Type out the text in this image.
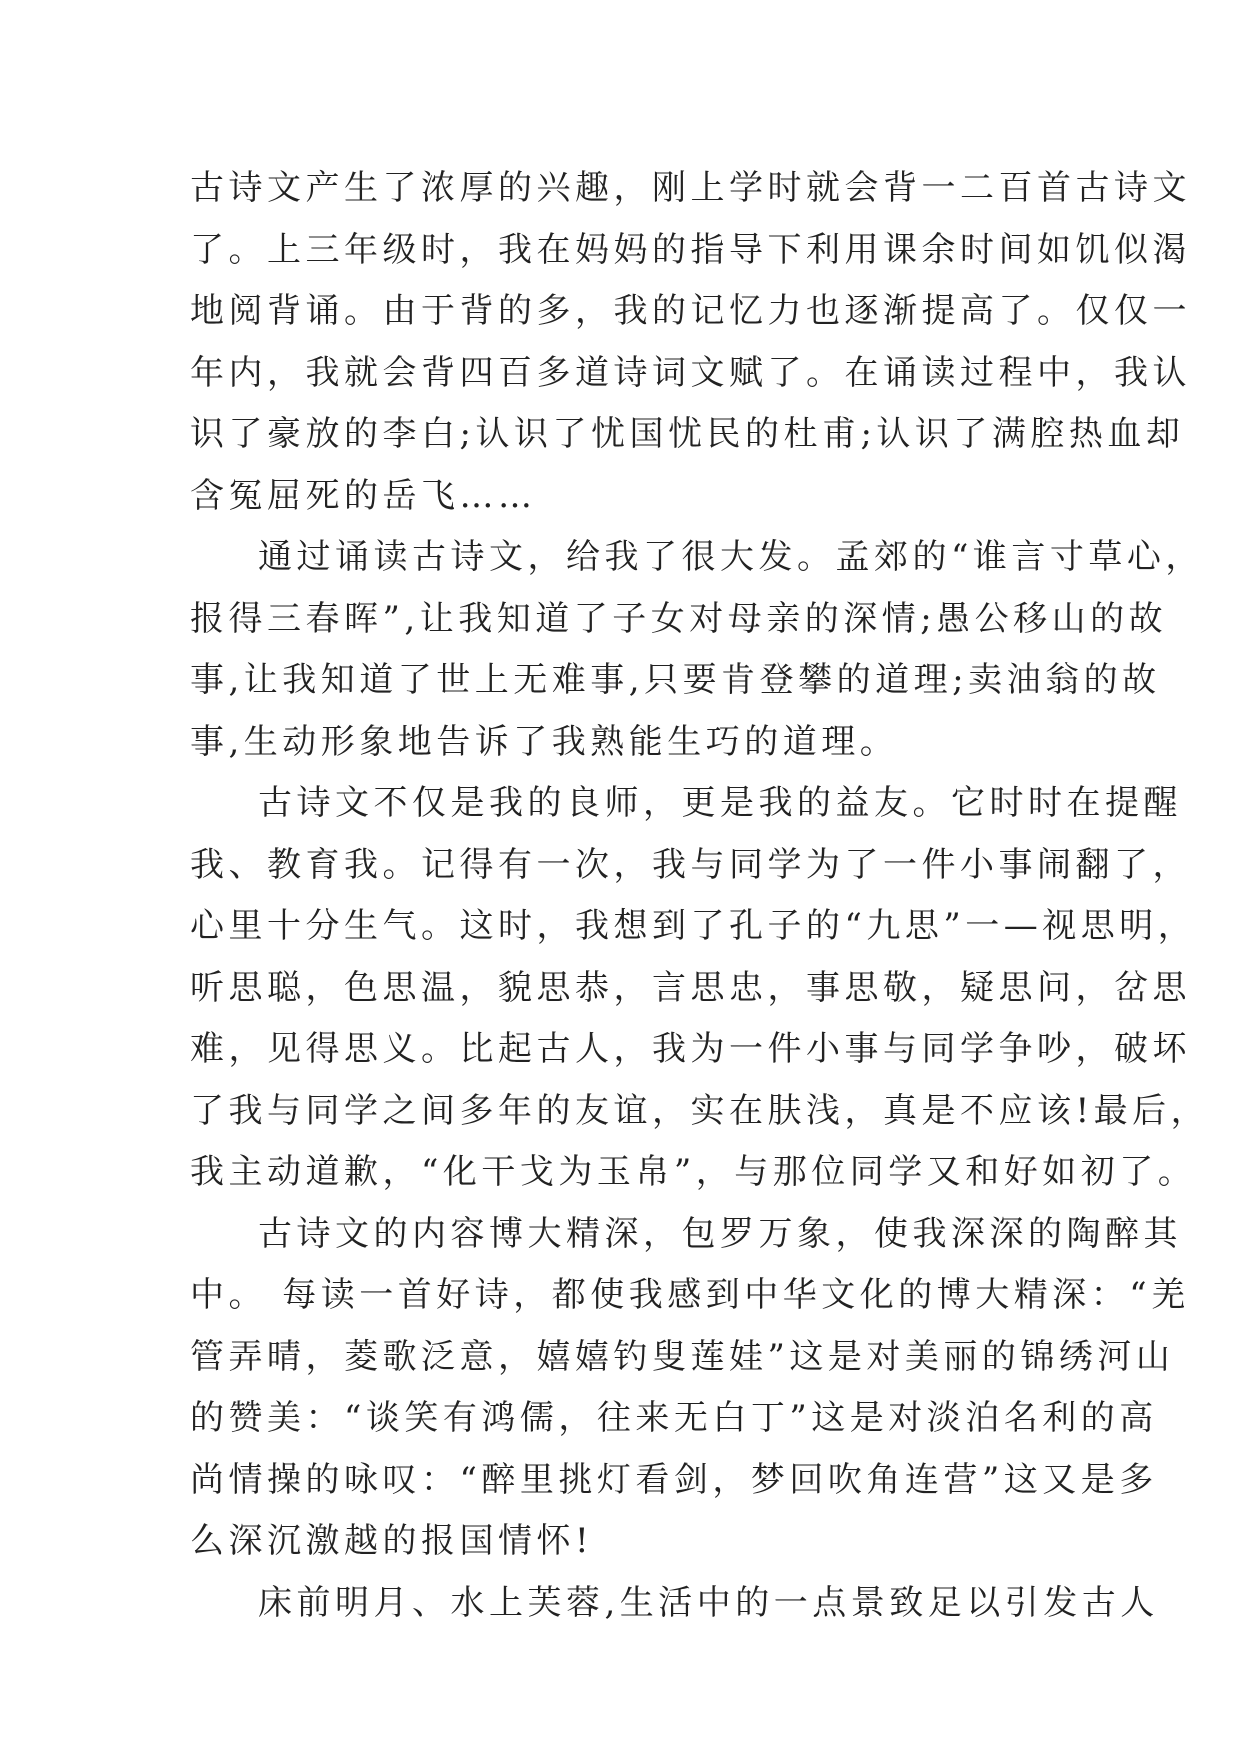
古诗文产生了浓厚的兴趣，刚上学时就会背一二百首古诗文
了。上三年级时，我在妈妈的指导下利用课余时间如饥似渴
地阅背诵。由于背的多，我的记忆力也逐渐提高了。仅仅一
年内，我就会背四百多道诗词文赋了。在诵读过程中，我认
识了豪放的李白;认识了忧国忧民的杜甫;认识了满腔热血却
含冤屈死的岳飞……
通过诵读古诗文，给我了很大发。孟郊的“谁言寸草心，
报得三春晖”,让我知道了子女对母亲的深情;愚公移山的故
事,让我知道了世上无难事,只要肯登攀的道理;卖油翁的故
事,生动形象地告诉了我熟能生巧的道理。
古诗文不仅是我的良师，更是我的益友。它时时在提醒
我、教育我。记得有一次，我与同学为了一件小事闹翻了，
心里十分生气。这时，我想到了孔子的“九思”一—视思明，
听思聪，色思温，貌思恭，言思忠，事思敬，疑思问，岔思
难，见得思义。比起古人，我为一件小事与同学争吵，破坏
了我与同学之间多年的友谊，实在肤浅，真是不应该!最后，
我主动道歉，“化干戈为玉帛”，与那位同学又和好如初了。
古诗文的内容博大精深，包罗万象，使我深深的陶醉其
中。 每读一首好诗，都使我感到中华文化的博大精深：“羌
管弄晴，菱歌泛意，嬉嬉钓叟莲娃”这是对美丽的锦绣河山
的赞美：“谈笑有鸿儒，往来无白丁”这是对淡泊名利的高
尚情操的咏叹：“醉里挑灯看剑，梦回吹角连营”这又是多
么深沉激越的报国情怀!
床前明月、水上芙蓉,生活中的一点景致足以引发古人
